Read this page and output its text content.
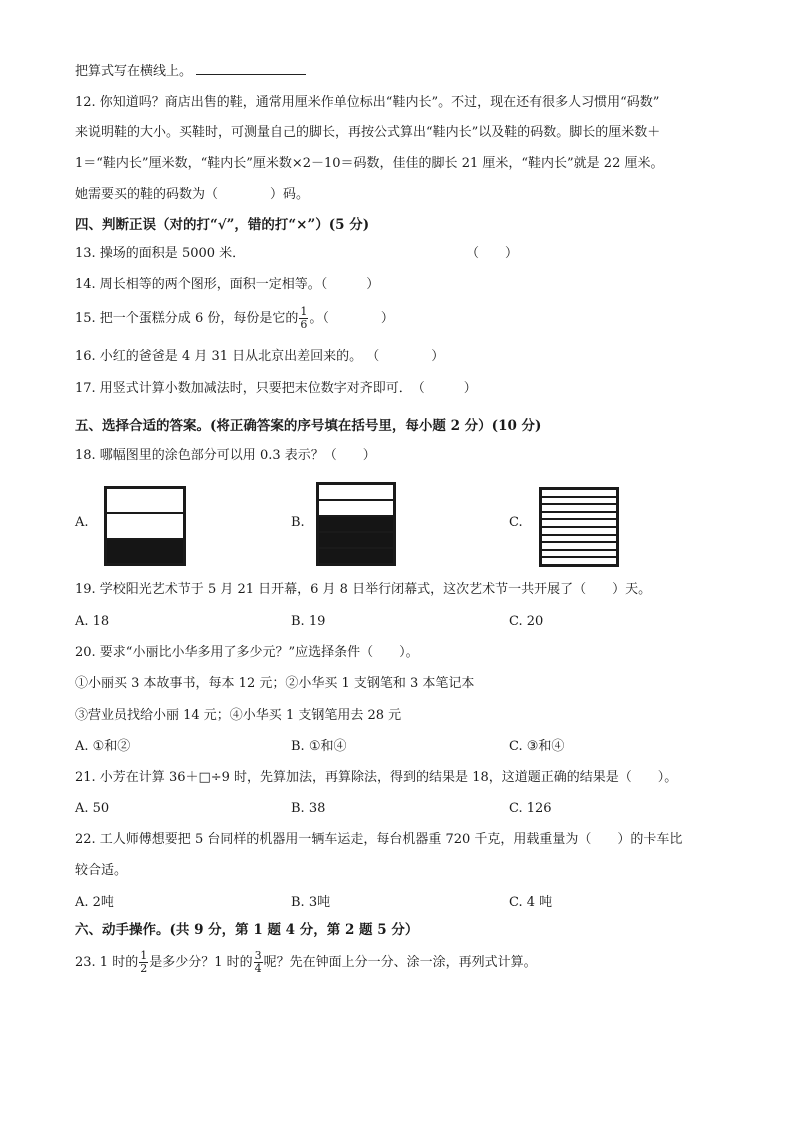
把算式写在横线上。
12. 你知道吗？商店出售的鞋，通常用厘米作单位标出“鞋内长”。不过，现在还有很多人习惯用“码数”
来说明鞋的大小。买鞋时，可测量自己的脚长，再按公式算出“鞋内长”以及鞋的码数。脚长的厘米数＋
1＝“鞋内长”厘米数，“鞋内长”厘米数×2－10＝码数，佳佳的脚长 21 厘米，“鞋内长”就是 22 厘米。
她需要买的鞋的码数为（　　　　）码。
四、判断正误（对的打“√”，错的打“×”）(5 分)
13. 操场的面积是 5000 米．	（　　）
14. 周长相等的两个图形，面积一定相等。（　　　）
15. 把一个蛋糕分成 6 份，每份是它的 $\frac{1}{6}$ 。（　　　　）
16. 小红的爸爸是 4 月 31 日从北京出差回来的。 （　　　　）
17. 用竖式计算小数加减法时，只要把末位数字对齐即可．　（　　　）
五、选择合适的答案。(将正确答案的序号填在括号里，每小题 2 分）(10 分)
18. 哪幅图里的涂色部分可以用 0.3 表示？（　　）
A.	B.	C.
19. 学校阳光艺术节于 5 月 21 日开幕，6 月 8 日举行闭幕式，这次艺术节一共开展了（　　）天。
A. 18	B. 19	C. 20
20. 要求“小丽比小华多用了多少元？”应选择条件（　　）。
①小丽买 3 本故事书，每本 12 元；②小华买 1 支钢笔和 3 本笔记本
③营业员找给小丽 14 元；④小华买 1 支钢笔用去 28 元
A. ①和②	B. ①和④	C. ③和④
21. 小芳在计算 36＋□÷9 时，先算加法，再算除法，得到的结果是 18，这道题正确的结果是（　　）。
A. 50	B. 38	C. 126
22. 工人师傅想要把 5 台同样的机器用一辆车运走，每台机器重 720 千克，用载重量为（　　）的卡车比
较合适。
A. 2吨	B. 3吨	C. 4 吨
六、动手操作。(共 9 分，第 1 题 4 分，第 2 题 5 分）
23. 1 时的 $\frac{1}{2}$ 是多少分？1 时的 $\frac{3}{4}$ 呢？先在钟面上分一分、涂一涂，再列式计算。
